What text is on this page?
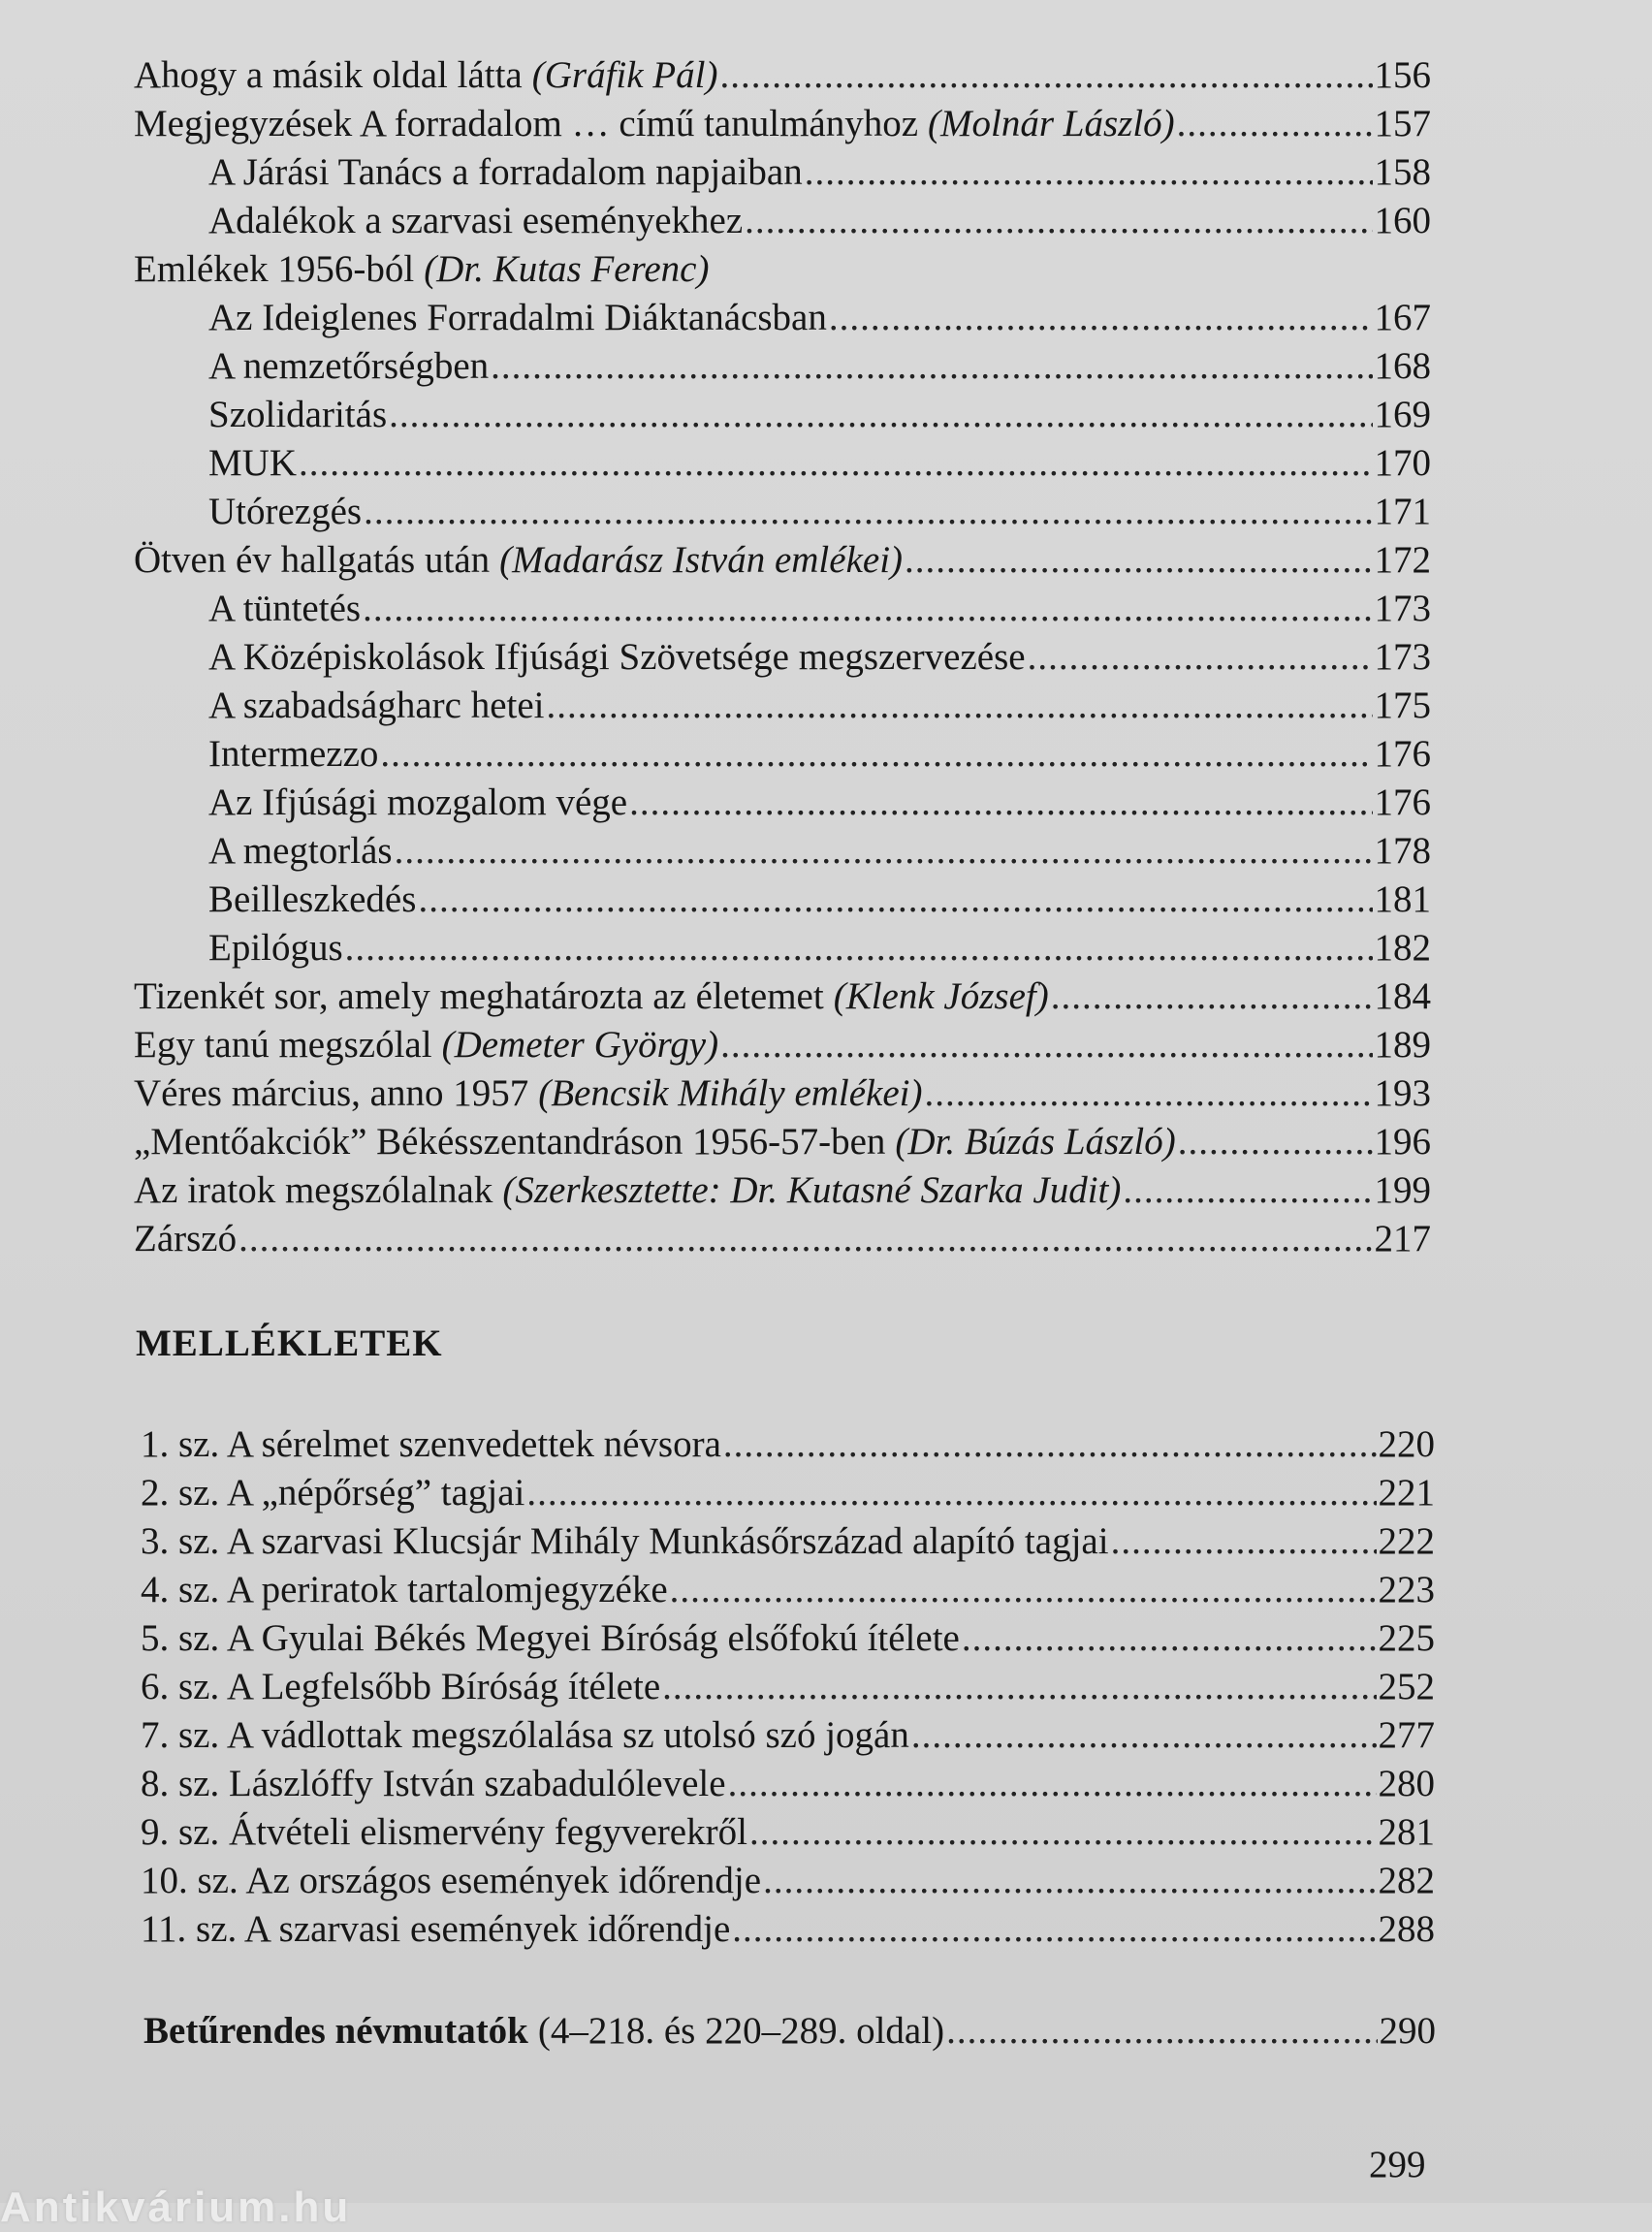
Ahogy a másik oldal látta (Gráfik Pál) .....	156
Megjegyzések A forradalom … című tanulmányhoz (Molnár László) .....	157
A Járási Tanács a forradalom napjaiban .....	158
Adalékok a szarvasi eseményekhez .....	160
Emlékek 1956-ból (Dr. Kutas Ferenc)
Az Ideiglenes Forradalmi Diáktanácsban .....	167
A nemzetőrségben .....	168
Szolidaritás .....	169
MUK .....	170
Utórezgés .....	171
Ötven év hallgatás után (Madarász István emlékei) .....	172
A tüntetés .....	173
A Középiskolások Ifjúsági Szövetsége megszervezése .....	173
A szabadságharc hetei .....	175
Intermezzo .....	176
Az Ifjúsági mozgalom vége .....	176
A megtorlás .....	178
Beilleszkedés .....	181
Epilógus .....	182
Tizenkét sor, amely meghatározta az életemet (Klenk József) .....	184
Egy tanú megszólal (Demeter György) .....	189
Véres március, anno 1957 (Bencsik Mihály emlékei) .....	193
„Mentőakciók” Békésszentandráson 1956-57-ben (Dr. Búzás László) .....	196
Az iratok megszólalnak (Szerkesztette: Dr. Kutasné Szarka Judit) .....	199
Zárszó .....	217
MELLÉKLETEK
1. sz. A sérelmet szenvedettek névsora .....	220
2. sz. A „népőrség” tagjai .....	221
3. sz. A szarvasi Klucsjár Mihály Munkásőrszázad alapító tagjai .....	222
4. sz. A periratok tartalomjegyzéke .....	223
5. sz. A Gyulai Békés Megyei Bíróság elsőfokú ítélete .....	225
6. sz. A Legfelsőbb Bíróság ítélete .....	252
7. sz. A vádlottak megszólalása sz utolsó szó jogán .....	277
8. sz. Lászlóffy István szabadulólevele .....	280
9. sz. Átvételi elismervény fegyverekről .....	281
10. sz. Az országos események időrendje .....	282
11. sz. A szarvasi események időrendje .....	288
Betűrendes névmutatók (4–218. és 220–289. oldal) .....	290
299
Antikvárium.hu
